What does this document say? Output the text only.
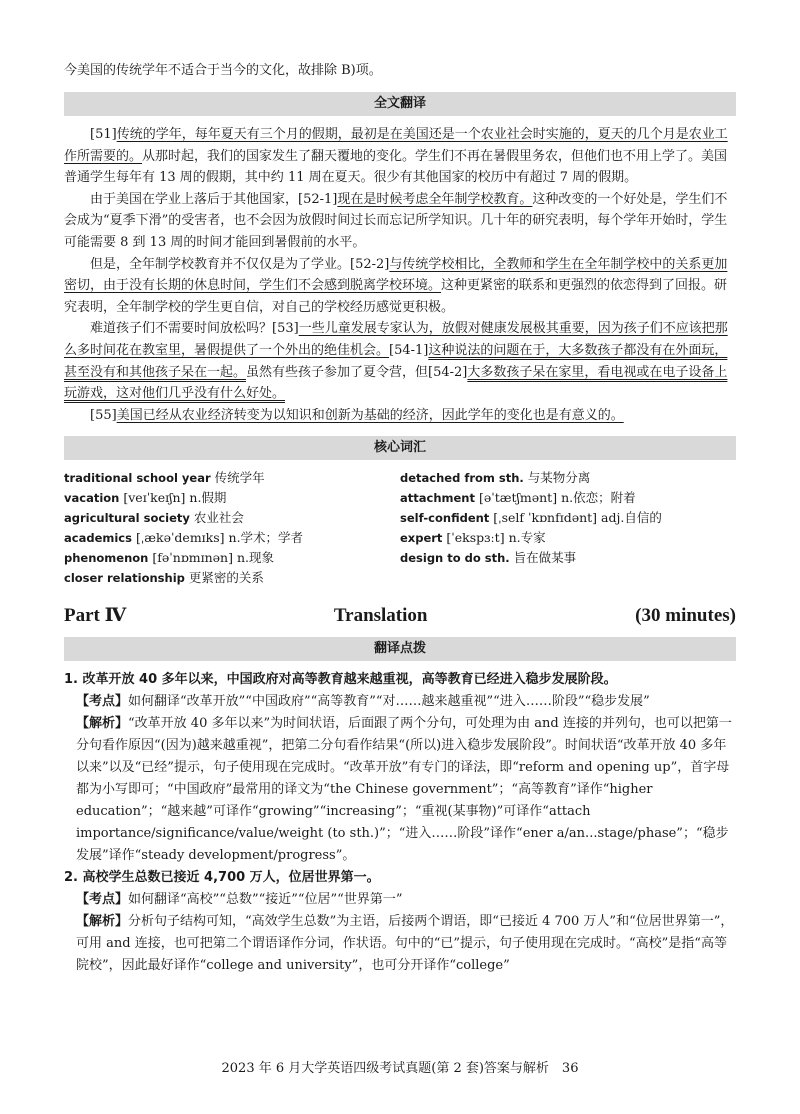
今美国的传统学年不适合于当今的文化，故排除 B)项。

全文翻译

[51]传统的学年，每年夏天有三个月的假期，最初是在美国还是一个农业社会时实施的，夏天的几个月是农业工作所需要的。从那时起，我们的国家发生了翻天覆地的变化。学生们不再在暑假里务农，但他们也不用上学了。美国普通学生每年有 13 周的假期，其中约 11 周在夏天。很少有其他国家的校历中有超过 7 周的假期。

由于美国在学业上落后于其他国家，[52-1]现在是时候考虑全年制学校教育。这种改变的一个好处是，学生们不会成为“夏季下滑”的受害者，也不会因为放假时间过长而忘记所学知识。几十年的研究表明，每个学年开始时，学生可能需要 8 到 13 周的时间才能回到暑假前的水平。

但是，全年制学校教育并不仅仅是为了学业。[52-2]与传统学校相比，全教师和学生在全年制学校中的关系更加密切，由于没有长期的休息时间，学生们不会感到脱离学校环境。这种更紧密的联系和更强烈的依恋得到了回报。研究表明，全年制学校的学生更自信，对自己的学校经历感觉更积极。

难道孩子们不需要时间放松吗？[53]一些儿童发展专家认为，放假对健康发展极其重要，因为孩子们不应该把那么多时间花在教室里，暑假提供了一个外出的绝佳机会。[54-1]这种说法的问题在于，大多数孩子都没有在外面玩，甚至没有和其他孩子呆在一起。虽然有些孩子参加了夏令营，但[54-2]大多数孩子呆在家里，看电视或在电子设备上玩游戏，这对他们几乎没有什么好处。

[55]美国已经从农业经济转变为以知识和创新为基础的经济，因此学年的变化也是有意义的。

核心词汇
traditional school year 传统学年
vacation [veɪˈkeɪʃn] n.假期
agricultural society 农业社会
academics [ˌækəˈdemɪks] n.学术；学者
phenomenon [fəˈnɒmɪnən] n.现象
closer relationship 更紧密的关系
detached from sth. 与某物分离
attachment [əˈtætʃmənt] n.依恋；附着
self-confident [ˌself ˈkɒnfɪdənt] adj.自信的
expert [ˈekspɜːt] n.专家
design to do sth. 旨在做某事
Part Ⅳ	Translation	(30 minutes)
翻译点拨

1. 改革开放 40 多年以来，中国政府对高等教育越来越重视，高等教育已经进入稳步发展阶段。

【考点】如何翻译“改革开放”“中国政府”“高等教育”“对……越来越重视”“进入……阶段”“稳步发展”

【解析】“改革开放 40 多年以来”为时间状语，后面跟了两个分句，可处理为由 and 连接的并列句，也可以把第一分句看作原因“(因为)越来越重视”，把第二分句看作结果“(所以)进入稳步发展阶段”。时间状语“改革开放 40 多年以来”以及“已经”提示，句子使用现在完成时。“改革开放”有专门的译法，即“reform and opening up”，首字母都为小写即可；“中国政府”最常用的译文为“the Chinese government”；“高等教育”译作“higher education”；“越来越”可译作“growing”“increasing”；“重视(某事物)”可译作“attach importance/significance/value/weight (to sth.)”；“进入……阶段”译作“ener a/an...stage/phase”；“稳步发展”译作“steady development/progress”。

2. 高校学生总数已接近 4,700 万人，位居世界第一。

【考点】如何翻译“高校”“总数”“接近”“位居”“世界第一”

【解析】分析句子结构可知，“高效学生总数”为主语，后接两个谓语，即“已接近 4 700 万人”和“位居世界第一”，可用 and 连接，也可把第二个谓语译作分词，作状语。句中的“已”提示，句子使用现在完成时。“高校”是指“高等院校”，因此最好译作“college and university”，也可分开译作“college”

2023 年 6 月大学英语四级考试真题(第 2 套)答案与解析　36
